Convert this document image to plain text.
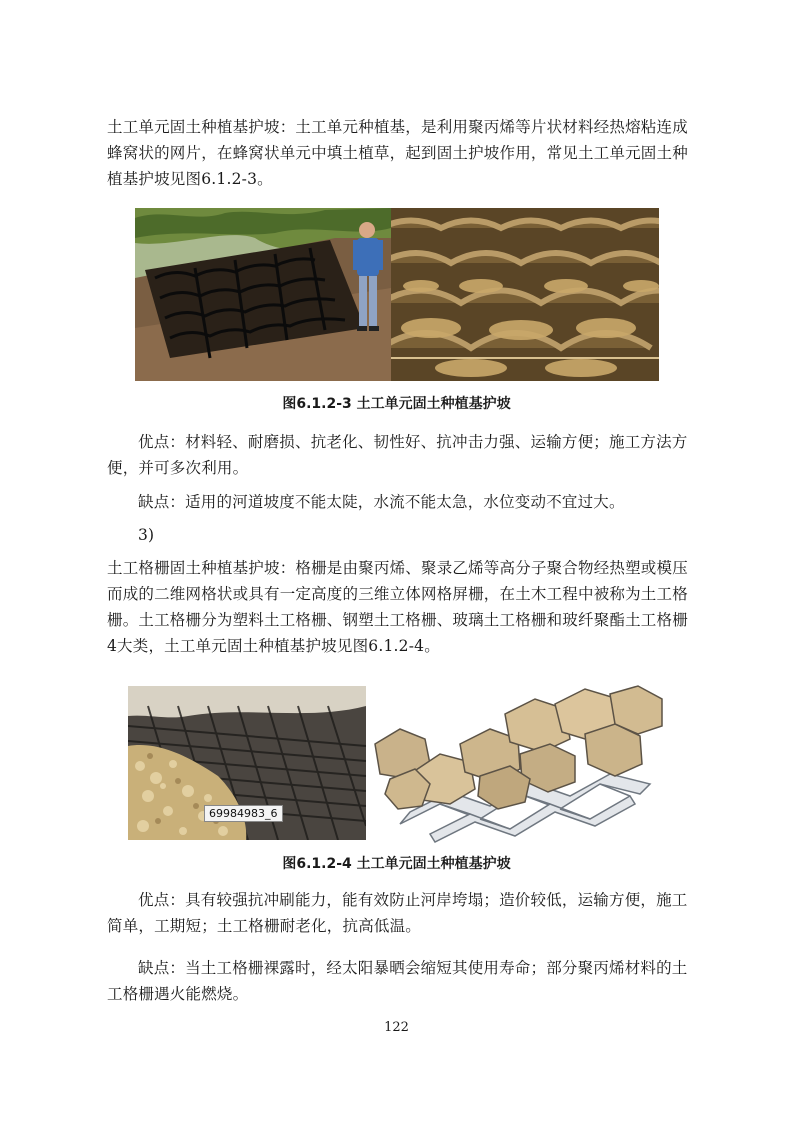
土工单元固土种植基护坡：土工单元种植基，是利用聚丙烯等片状材料经热熔粘连成蜂窝状的网片，在蜂窝状单元中填土植草，起到固土护坡作用，常见土工单元固土种植基护坡见图6.1.2-3。

图6.1.2-3 土工单元固土种植基护坡

优点：材料轻、耐磨损、抗老化、韧性好、抗冲击力强、运输方便；施工方法方便，并可多次利用。

缺点：适用的河道坡度不能太陡，水流不能太急，水位变动不宜过大。

3)

土工格栅固土种植基护坡：格栅是由聚丙烯、聚录乙烯等高分子聚合物经热塑或模压而成的二维网格状或具有一定高度的三维立体网格屏栅，在土木工程中被称为土工格栅。土工格栅分为塑料土工格栅、钢塑土工格栅、玻璃土工格栅和玻纤聚酯土工格栅4大类，土工单元固土种植基护坡见图6.1.2-4。

69984983_6
图6.1.2-4 土工单元固土种植基护坡

优点：具有较强抗冲刷能力，能有效防止河岸垮塌；造价较低，运输方便，施工简单，工期短；土工格栅耐老化，抗高低温。

缺点：当土工格栅裸露时，经太阳暴晒会缩短其使用寿命；部分聚丙烯材料的土工格栅遇火能燃烧。

122
